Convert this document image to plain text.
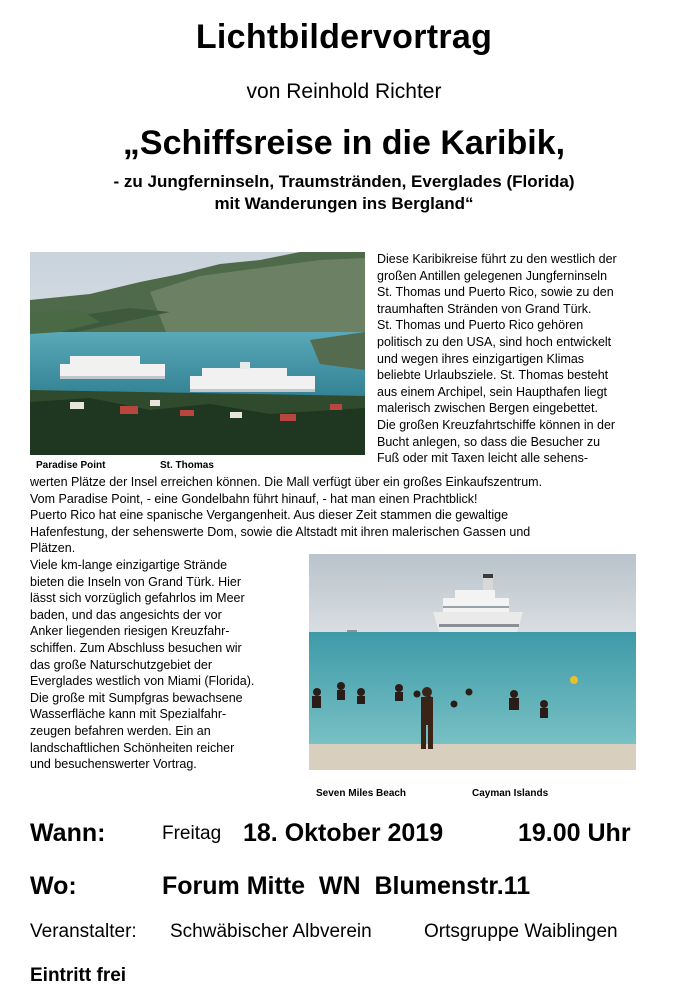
Lichtbildervortrag
von Reinhold Richter
„Schiffsreise in die Karibik,
- zu Jungferninseln, Traumstränden, Everglades (Florida)
mit Wanderungen ins Bergland“
Paradise Point	St. Thomas
Diese Karibikreise führt zu den westlich der
großen Antillen gelegenen Jungferninseln
St. Thomas und Puerto Rico, sowie zu den
traumhaften Stränden von Grand Türk.
St. Thomas und Puerto Rico gehören
politisch zu den USA, sind hoch entwickelt
und wegen ihres einzigartigen Klimas
beliebte Urlaubsziele. St. Thomas besteht
aus einem Archipel, sein Haupthafen liegt
malerisch zwischen Bergen eingebettet.
Die großen Kreuzfahrtschiffe können in der
Bucht anlegen, so dass die Besucher zu
Fuß oder mit Taxen leicht alle sehens-
werten Plätze der Insel erreichen können. Die Mall verfügt über ein großes Einkaufszentrum.
Vom Paradise Point, - eine Gondelbahn führt hinauf, - hat man einen Prachtblick!
Puerto Rico hat eine spanische Vergangenheit. Aus dieser Zeit stammen die gewaltige
Hafenfestung, der sehenswerte Dom, sowie die Altstadt mit ihren malerischen Gassen und
Plätzen.
Viele km-lange einzigartige Strände
bieten die Inseln von Grand Türk. Hier
lässt sich vorzüglich gefahrlos im Meer
baden, und das angesichts der vor
Anker liegenden riesigen Kreuzfahr-
schiffen. Zum Abschluss besuchen wir
das große Naturschutzgebiet der
Everglades westlich von Miami (Florida).
Die große mit Sumpfgras bewachsene
Wasserfläche kann mit Spezialfahr-
zeugen befahren werden. Ein an
landschaftlichen Schönheiten reicher
und besuchenswerter Vortrag.
Seven Miles Beach	Cayman Islands
Wann:	Freitag 18. Oktober 2019	19.00 Uhr
Wo:	Forum Mitte  WN  Blumenstr.11
Veranstalter: Schwäbischer Albverein	Ortsgruppe Waiblingen
Eintritt frei
